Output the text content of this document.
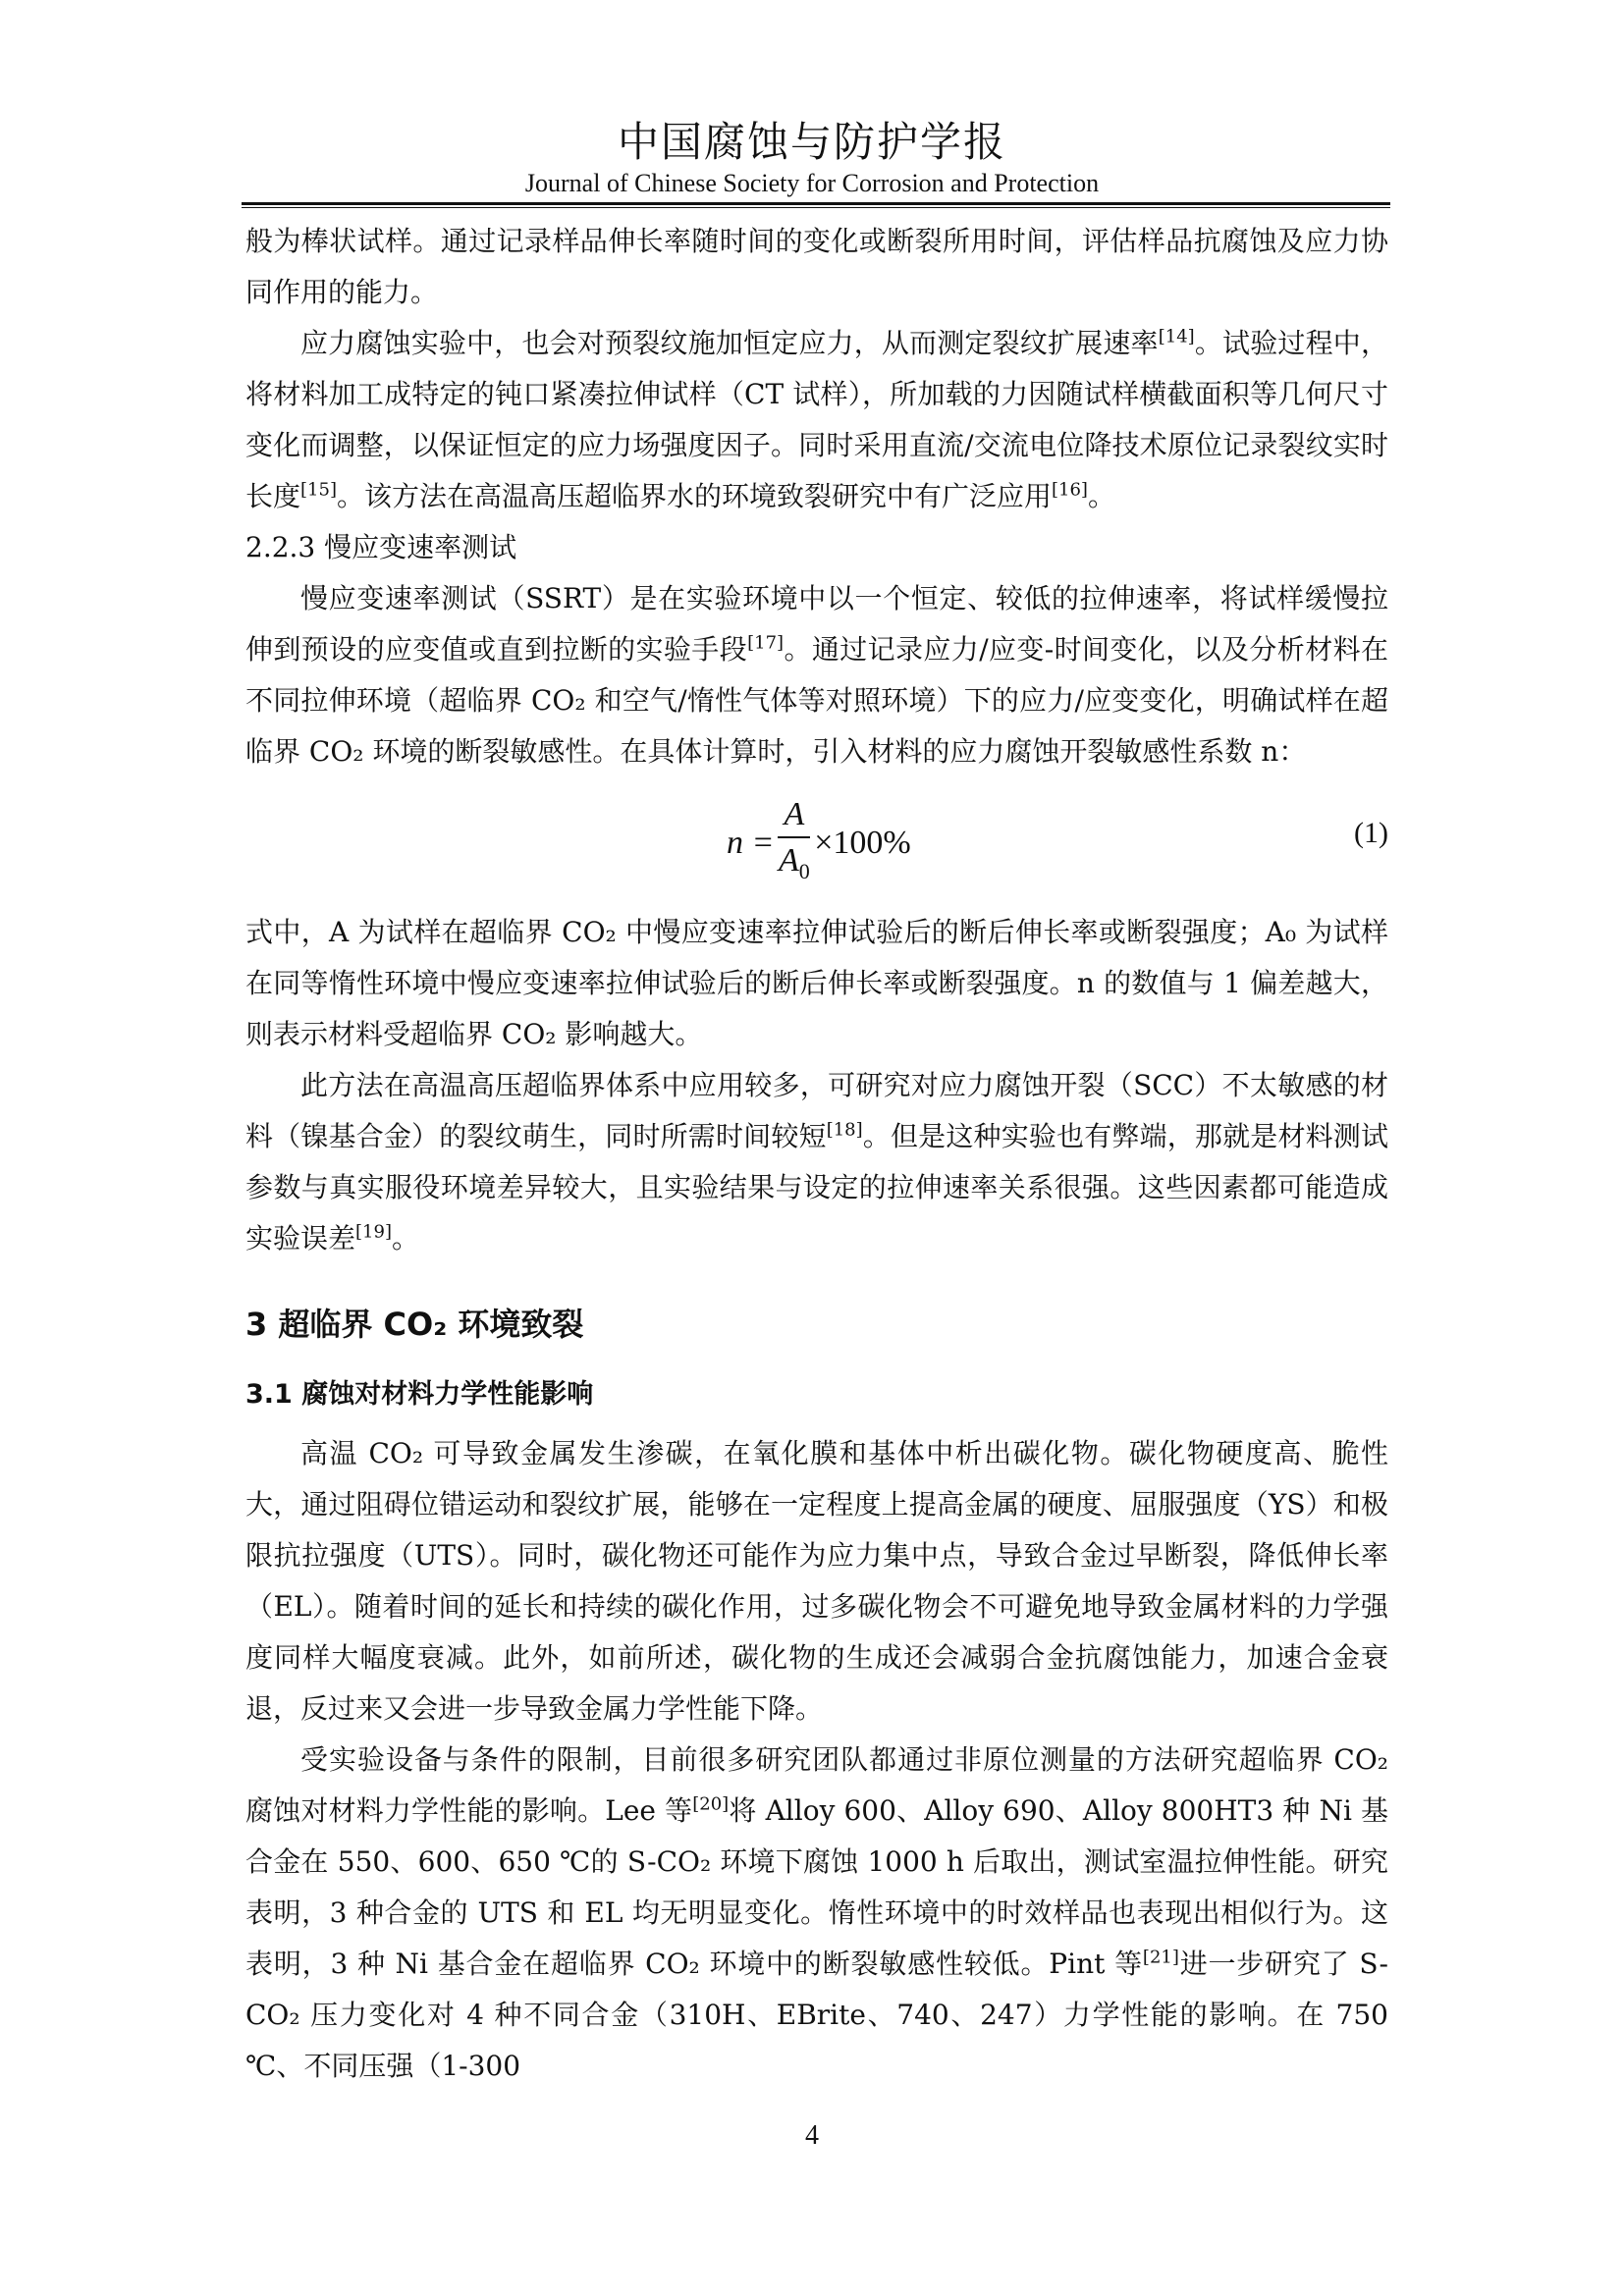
中国腐蚀与防护学报
Journal of Chinese Society for Corrosion and Protection

般为棒状试样。通过记录样品伸长率随时间的变化或断裂所用时间，评估样品抗腐蚀及应力协同作用的能力。

应力腐蚀实验中，也会对预裂纹施加恒定应力，从而测定裂纹扩展速率[14]。试验过程中，将材料加工成特定的钝口紧凑拉伸试样（CT 试样），所加载的力因随试样横截面积等几何尺寸变化而调整，以保证恒定的应力场强度因子。同时采用直流/交流电位降技术原位记录裂纹实时长度[15]。该方法在高温高压超临界水的环境致裂研究中有广泛应用[16]。

2.2.3 慢应变速率测试

慢应变速率测试（SSRT）是在实验环境中以一个恒定、较低的拉伸速率，将试样缓慢拉伸到预设的应变值或直到拉断的实验手段[17]。通过记录应力/应变-时间变化，以及分析材料在不同拉伸环境（超临界 CO₂ 和空气/惰性气体等对照环境）下的应力/应变变化，明确试样在超临界 CO₂ 环境的断裂敏感性。在具体计算时，引入材料的应力腐蚀开裂敏感性系数 n：

$n = \frac{A}{A_0} \times 100\%$	(1)

式中，A 为试样在超临界 CO₂ 中慢应变速率拉伸试验后的断后伸长率或断裂强度；A₀ 为试样在同等惰性环境中慢应变速率拉伸试验后的断后伸长率或断裂强度。n 的数值与 1 偏差越大，则表示材料受超临界 CO₂ 影响越大。

此方法在高温高压超临界体系中应用较多，可研究对应力腐蚀开裂（SCC）不太敏感的材料（镍基合金）的裂纹萌生，同时所需时间较短[18]。但是这种实验也有弊端，那就是材料测试参数与真实服役环境差异较大，且实验结果与设定的拉伸速率关系很强。这些因素都可能造成实验误差[19]。

3 超临界 CO₂ 环境致裂
3.1 腐蚀对材料力学性能影响

高温 CO₂ 可导致金属发生渗碳，在氧化膜和基体中析出碳化物。碳化物硬度高、脆性大，通过阻碍位错运动和裂纹扩展，能够在一定程度上提高金属的硬度、屈服强度（YS）和极限抗拉强度（UTS）。同时，碳化物还可能作为应力集中点，导致合金过早断裂，降低伸长率（EL）。随着时间的延长和持续的碳化作用，过多碳化物会不可避免地导致金属材料的力学强度同样大幅度衰减。此外，如前所述，碳化物的生成还会减弱合金抗腐蚀能力，加速合金衰退，反过来又会进一步导致金属力学性能下降。

受实验设备与条件的限制，目前很多研究团队都通过非原位测量的方法研究超临界 CO₂ 腐蚀对材料力学性能的影响。Lee 等[20]将 Alloy 600、Alloy 690、Alloy 800HT3 种 Ni 基合金在 550、600、650 ℃的 S-CO₂ 环境下腐蚀 1000 h 后取出，测试室温拉伸性能。研究表明，3 种合金的 UTS 和 EL 均无明显变化。惰性环境中的时效样品也表现出相似行为。这表明，3 种 Ni 基合金在超临界 CO₂ 环境中的断裂敏感性较低。Pint 等[21]进一步研究了 S-CO₂ 压力变化对 4 种不同合金（310H、EBrite、740、247）力学性能的影响。在 750 ℃、不同压强（1-300

4
